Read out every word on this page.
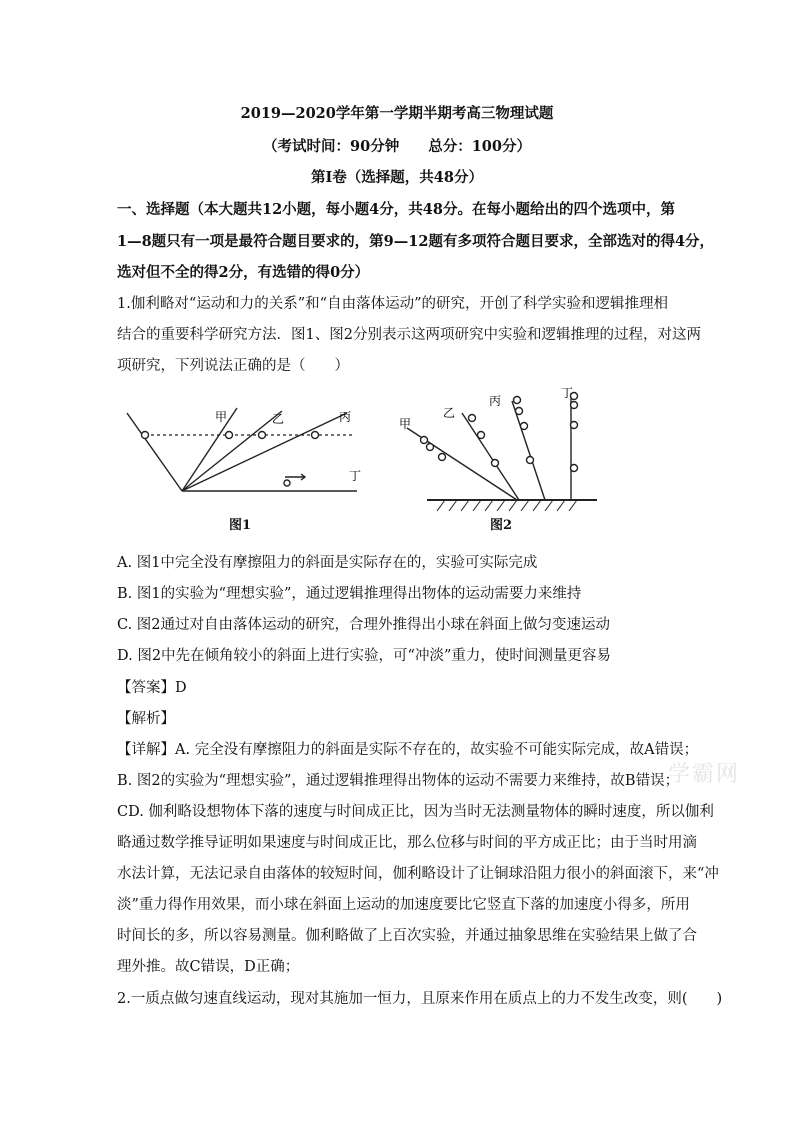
2019—2020学年第一学期半期考高三物理试题
（考试时间：90分钟　　总分：100分）
第Ⅰ卷（选择题，共48分）
一、选择题（本大题共12小题，每小题4分，共48分。在每小题给出的四个选项中，第
1—8题只有一项是最符合题目要求的，第9—12题有多项符合题目要求，全部选对的得4分，
选对但不全的得2分，有选错的得0分）
1.伽利略对“运动和力的关系”和“自由落体运动”的研究，开创了科学实验和逻辑推理相
结合的重要科学研究方法．图1、图2分别表示这两项研究中实验和逻辑推理的过程，对这两
项研究，下列说法正确的是（　　）
甲	乙	丙
丁
图1
甲
乙
丙
丁
图2
A. 图1中完全没有摩擦阻力的斜面是实际存在的，实验可实际完成
B. 图1的实验为“理想实验”，通过逻辑推理得出物体的运动需要力来维持
C. 图2通过对自由落体运动的研究，合理外推得出小球在斜面上做匀变速运动
D. 图2中先在倾角较小的斜面上进行实验，可“冲淡”重力，使时间测量更容易
【答案】D
【解析】
【详解】A. 完全没有摩擦阻力的斜面是实际不存在的，故实验不可能实际完成，故A错误；
B. 图2的实验为“理想实验”，通过逻辑推理得出物体的运动不需要力来维持，故B错误；
CD. 伽利略设想物体下落的速度与时间成正比，因为当时无法测量物体的瞬时速度，所以伽利
略通过数学推导证明如果速度与时间成正比，那么位移与时间的平方成正比；由于当时用滴
水法计算，无法记录自由落体的较短时间，伽利略设计了让铜球沿阻力很小的斜面滚下，来“冲
淡”重力得作用效果，而小球在斜面上运动的加速度要比它竖直下落的加速度小得多，所用
时间长的多，所以容易测量。伽利略做了上百次实验，并通过抽象思维在实验结果上做了合
理外推。故C错误，D正确；
2.一质点做匀速直线运动，现对其施加一恒力，且原来作用在质点上的力不发生改变，则(　　)
学霸网
